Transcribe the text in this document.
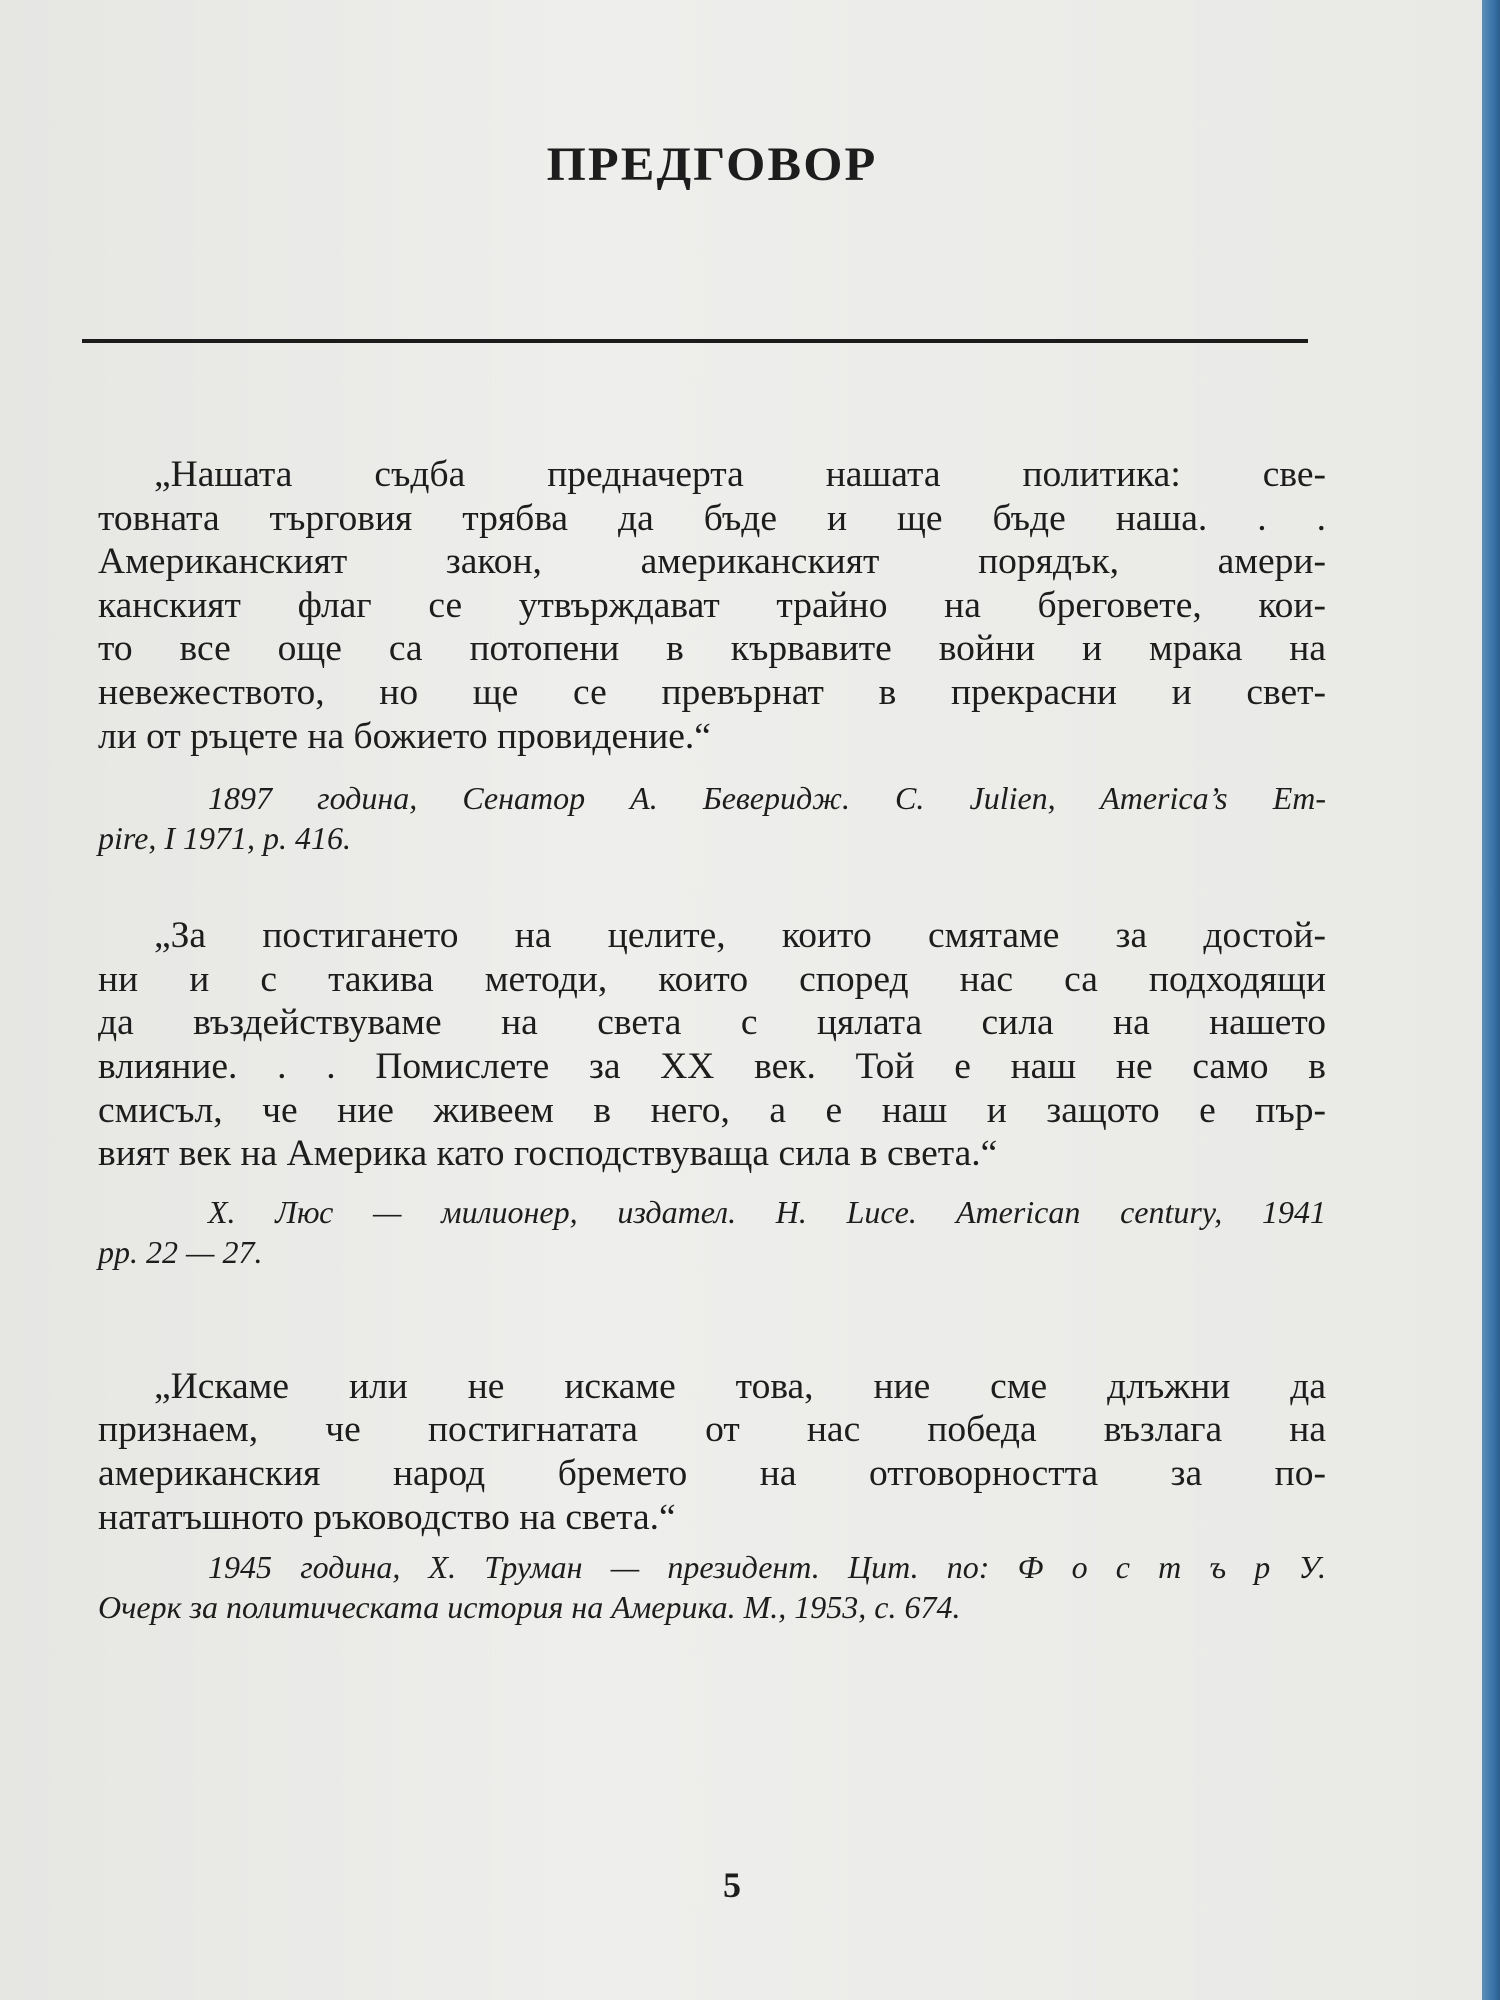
ПРЕДГОВОР
„Нашата съдба предначерта нашата политика: све-
товната търговия трябва да бъде и ще бъде наша. . .
Американският закон, американският порядък, амери-
канският флаг се утвърждават трайно на бреговете, кои-
то все още са потопени в кървавите войни и мрака на
невежеството, но ще се превърнат в прекрасни и свет-
ли от ръцете на божието провидение.“
1897 година, Сенатор А. Беверидж. C. Julien, America’s Em-
pire, I 1971, p. 416.
„За постигането на целите, които смятаме за достой-
ни и с такива методи, които според нас са подходящи
да въздействуваме на света с цялата сила на нашето
влияние. . . Помислете за XX век. Той е наш не само в
смисъл, че ние живеем в него, а е наш и защото е пър-
вият век на Америка като господствуваща сила в света.“
Х. Люс — милионер, издател. H. Luce. American century, 1941
pp. 22 — 27.
„Искаме или не искаме това, ние сме длъжни да
признаем, че постигнатата от нас победа възлага на
американския народ бремето на отговорността за по-
нататъшното ръководство на света.“
1945 година, Х. Труман — президент. Цит. по: Ф о с т ъ р У.
Очерк за политическата история на Америка. М., 1953, с. 674.
5
